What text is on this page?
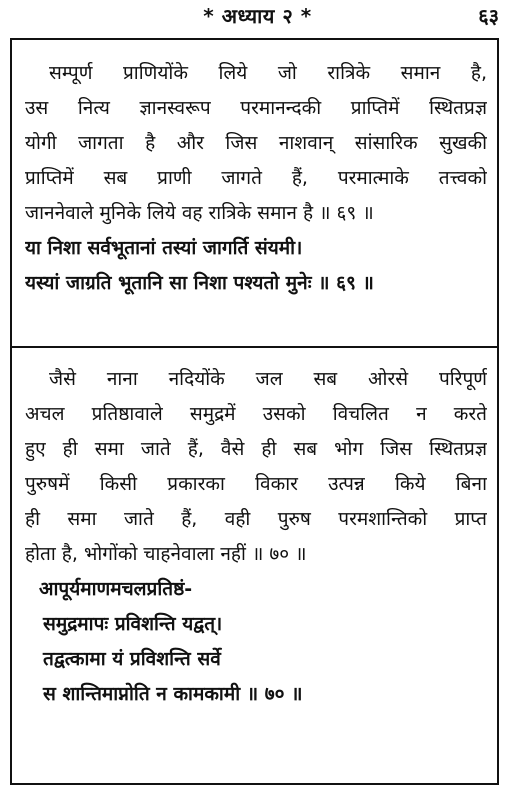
* अध्याय २ *	६३
सम्पूर्ण प्राणियोंके लिये जो रात्रिके समान है,
उस नित्य ज्ञानस्वरूप परमानन्दकी प्राप्तिमें स्थितप्रज्ञ
योगी जागता है और जिस नाशवान् सांसारिक सुखकी
प्राप्तिमें सब प्राणी जागते हैं, परमात्माके तत्त्वको
जाननेवाले मुनिके लिये वह रात्रिके समान है ॥ ६९ ॥
या निशा सर्वभूतानां तस्यां जागर्ति संयमी।
यस्यां जाग्रति भूतानि सा निशा पश्यतो मुनेः ॥ ६९ ॥
जैसे नाना नदियोंके जल सब ओरसे परिपूर्ण
अचल प्रतिष्ठावाले समुद्रमें उसको विचलित न करते
हुए ही समा जाते हैं, वैसे ही सब भोग जिस स्थितप्रज्ञ
पुरुषमें किसी प्रकारका विकार उत्पन्न किये बिना
ही समा जाते हैं, वही पुरुष परमशान्तिको प्राप्त
होता है, भोगोंको चाहनेवाला नहीं ॥ ७० ॥
आपूर्यमाणमचलप्रतिष्ठं-
समुद्रमापः प्रविशन्ति यद्वत्।
तद्वत्कामा यं प्रविशन्ति सर्वे
स शान्तिमाप्नोति न कामकामी ॥ ७० ॥
